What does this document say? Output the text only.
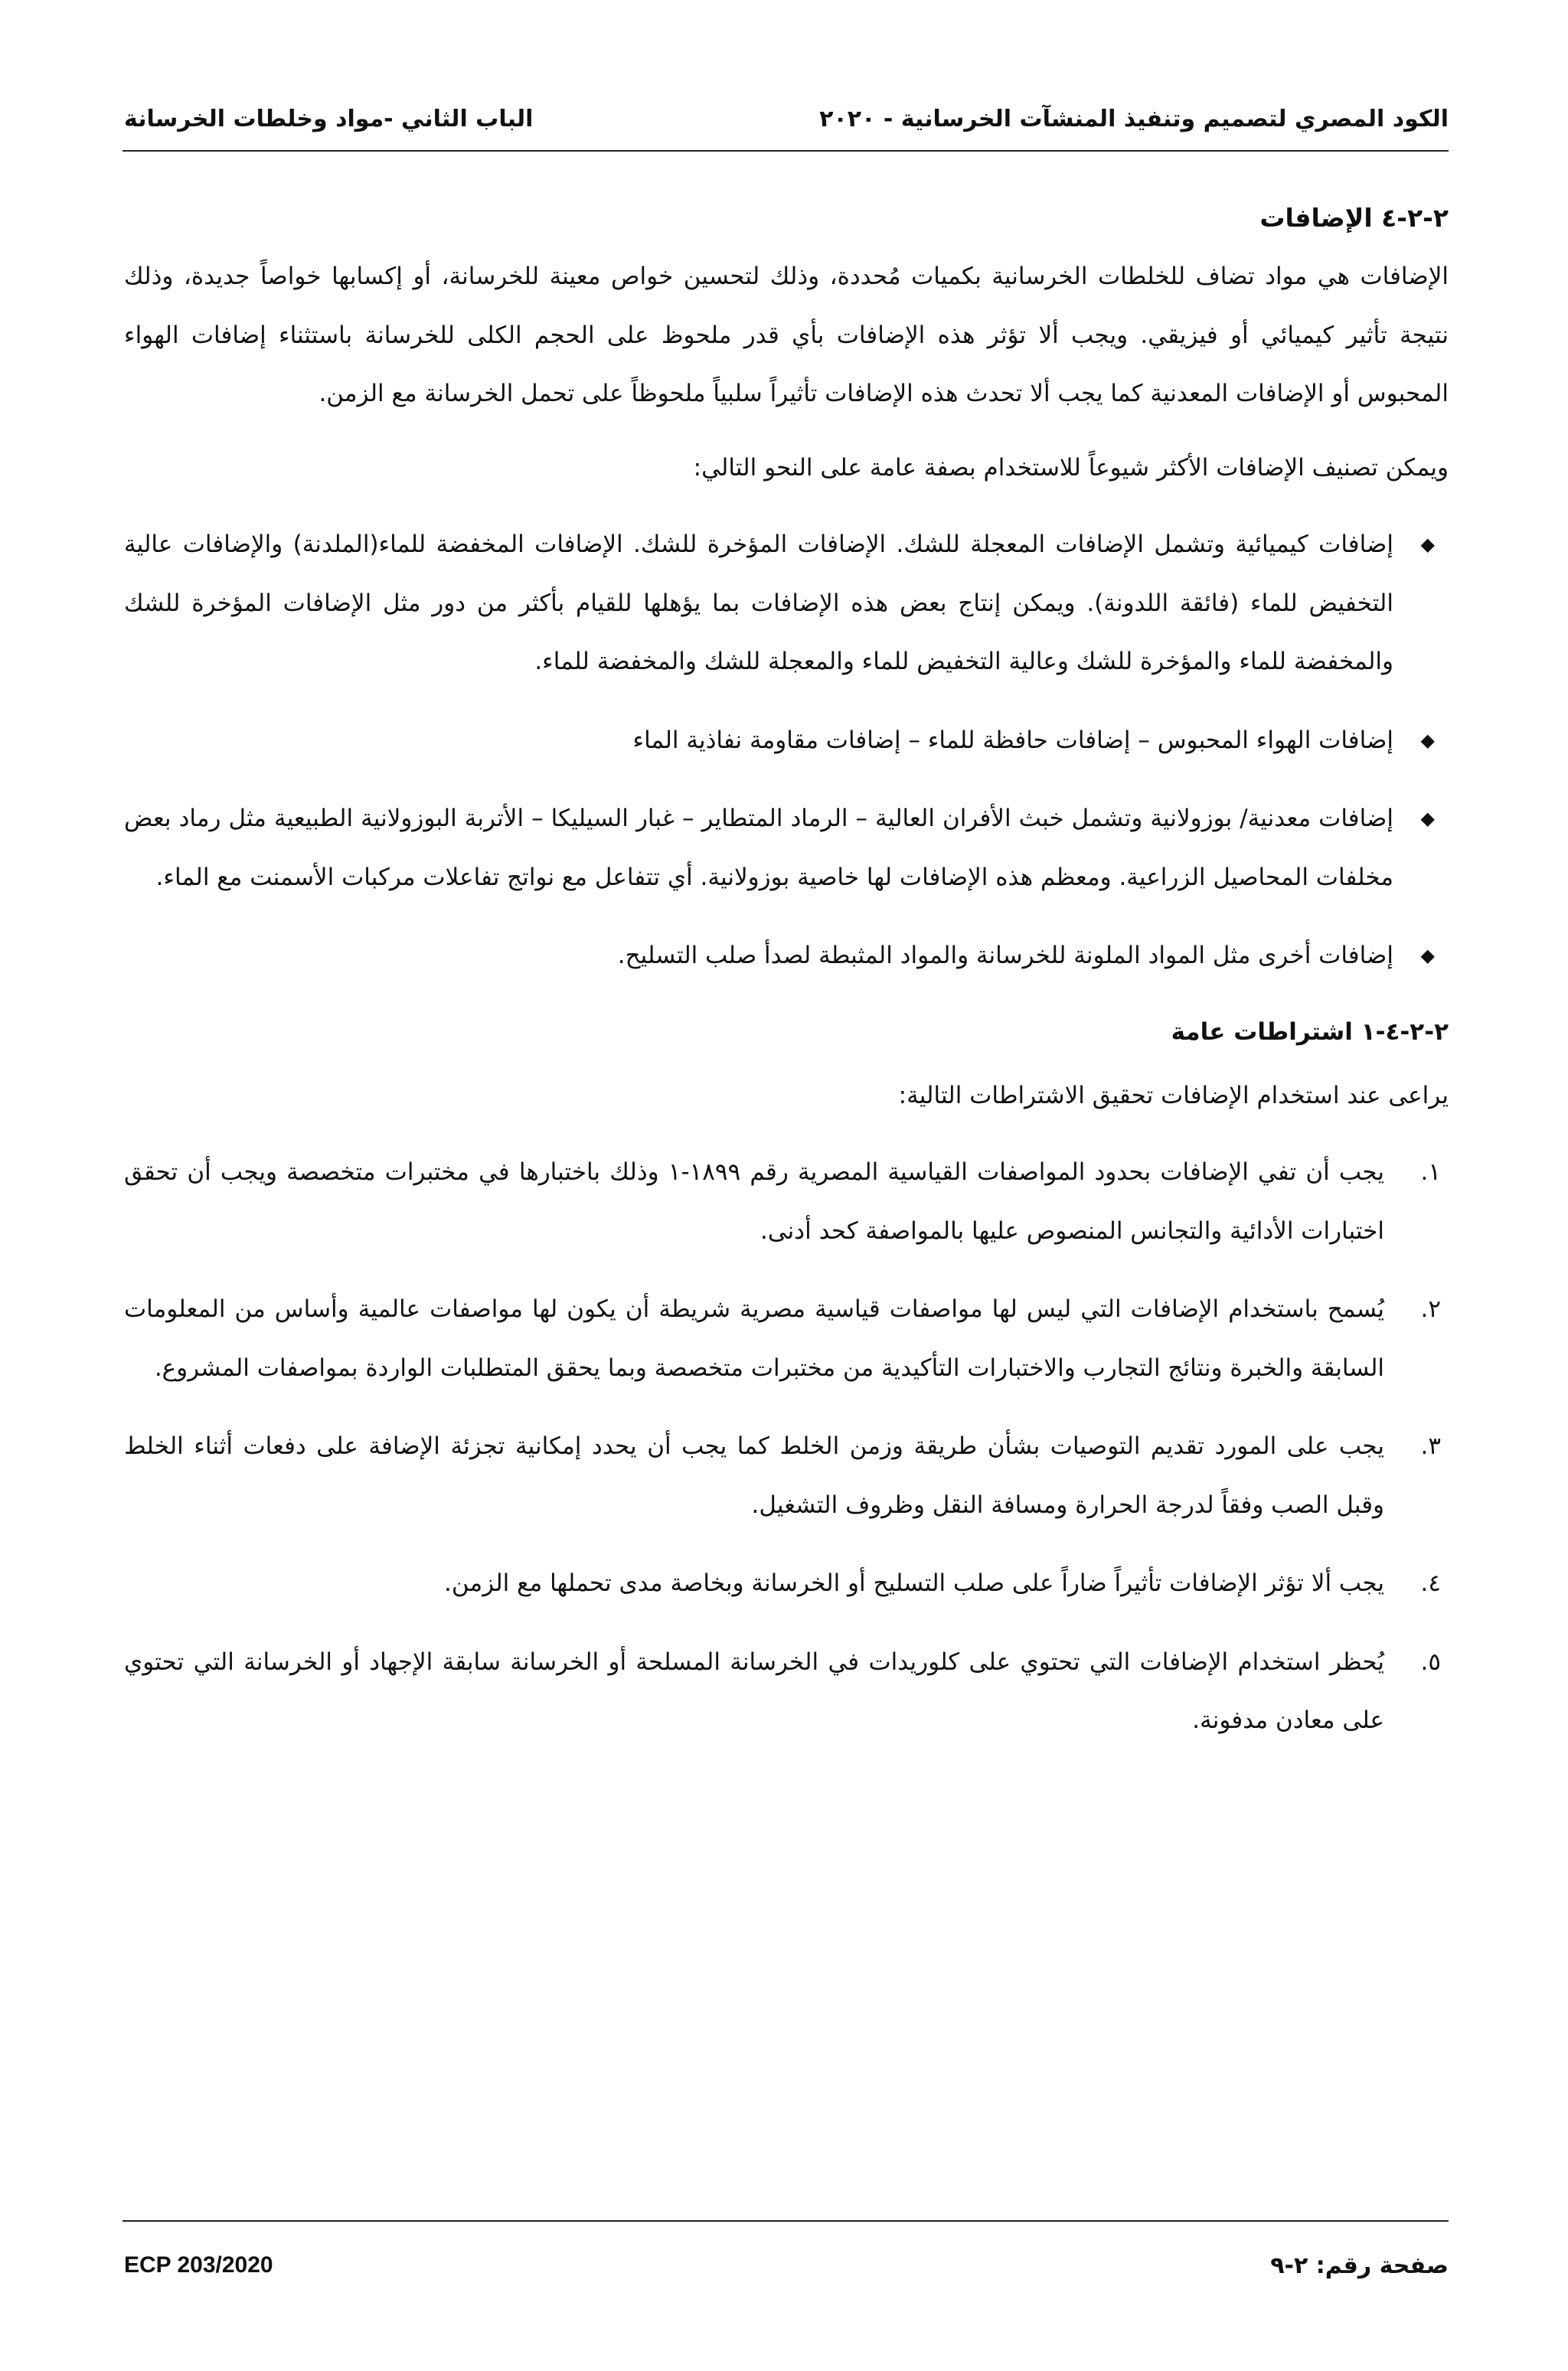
الكود المصري لتصميم وتنفيذ المنشآت الخرسانية - ٢٠٢٠
الباب الثاني -مواد وخلطات الخرسانة
٢-٢-٤ الإضافات

الإضافات هي مواد تضاف للخلطات الخرسانية بكميات مُحددة، وذلك لتحسين خواص معينة للخرسانة، أو إكسابها خواصاً جديدة، وذلك نتيجة تأثير كيميائي أو فيزيقي. ويجب ألا تؤثر هذه الإضافات بأي قدر ملحوظ على الحجم الكلى للخرسانة باستثناء إضافات الهواء المحبوس أو الإضافات المعدنية كما يجب ألا تحدث هذه الإضافات تأثيراً سلبياً ملحوظاً على تحمل الخرسانة مع الزمن.

ويمكن تصنيف الإضافات الأكثر شيوعاً للاستخدام بصفة عامة على النحو التالي:

◆
إضافات كيميائية وتشمل الإضافات المعجلة للشك. الإضافات المؤخرة للشك. الإضافات المخفضة للماء(الملدنة) والإضافات عالية التخفيض للماء (فائقة اللدونة). ويمكن إنتاج بعض هذه الإضافات بما يؤهلها للقيام بأكثر من دور مثل الإضافات المؤخرة للشك والمخفضة للماء والمؤخرة للشك وعالية التخفيض للماء والمعجلة للشك والمخفضة للماء.
◆
إضافات الهواء المحبوس – إضافات حافظة للماء – إضافات مقاومة نفاذية الماء
◆
إضافات معدنية/ بوزولانية وتشمل خبث الأفران العالية – الرماد المتطاير – غبار السيليكا – الأتربة البوزولانية الطبيعية مثل رماد بعض مخلفات المحاصيل الزراعية. ومعظم هذه الإضافات لها خاصية بوزولانية. أي تتفاعل مع نواتج تفاعلات مركبات الأسمنت مع الماء.
◆
إضافات أخرى مثل المواد الملونة للخرسانة والمواد المثبطة لصدأ صلب التسليح.
٢-٢-٤-١ اشتراطات عامة

يراعى عند استخدام الإضافات تحقيق الاشتراطات التالية:

١.
يجب أن تفي الإضافات بحدود المواصفات القياسية المصرية رقم ١٨٩٩-١ وذلك باختبارها في مختبرات متخصصة ويجب أن تحقق اختبارات الأدائية والتجانس المنصوص عليها بالمواصفة كحد أدنى.
٢.
يُسمح باستخدام الإضافات التي ليس لها مواصفات قياسية مصرية شريطة أن يكون لها مواصفات عالمية وأساس من المعلومات السابقة والخبرة ونتائج التجارب والاختبارات التأكيدية من مختبرات متخصصة وبما يحقق المتطلبات الواردة بمواصفات المشروع.
٣.
يجب على المورد تقديم التوصيات بشأن طريقة وزمن الخلط كما يجب أن يحدد إمكانية تجزئة الإضافة على دفعات أثناء الخلط وقبل الصب وفقاً لدرجة الحرارة ومسافة النقل وظروف التشغيل.
٤.
يجب ألا تؤثر الإضافات تأثيراً ضاراً على صلب التسليح أو الخرسانة وبخاصة مدى تحملها مع الزمن.
٥.
يُحظر استخدام الإضافات التي تحتوي على كلوريدات في الخرسانة المسلحة أو الخرسانة سابقة الإجهاد أو الخرسانة التي تحتوي على معادن مدفونة.
ECP 203/2020	صفحة رقم: ٢-٩
